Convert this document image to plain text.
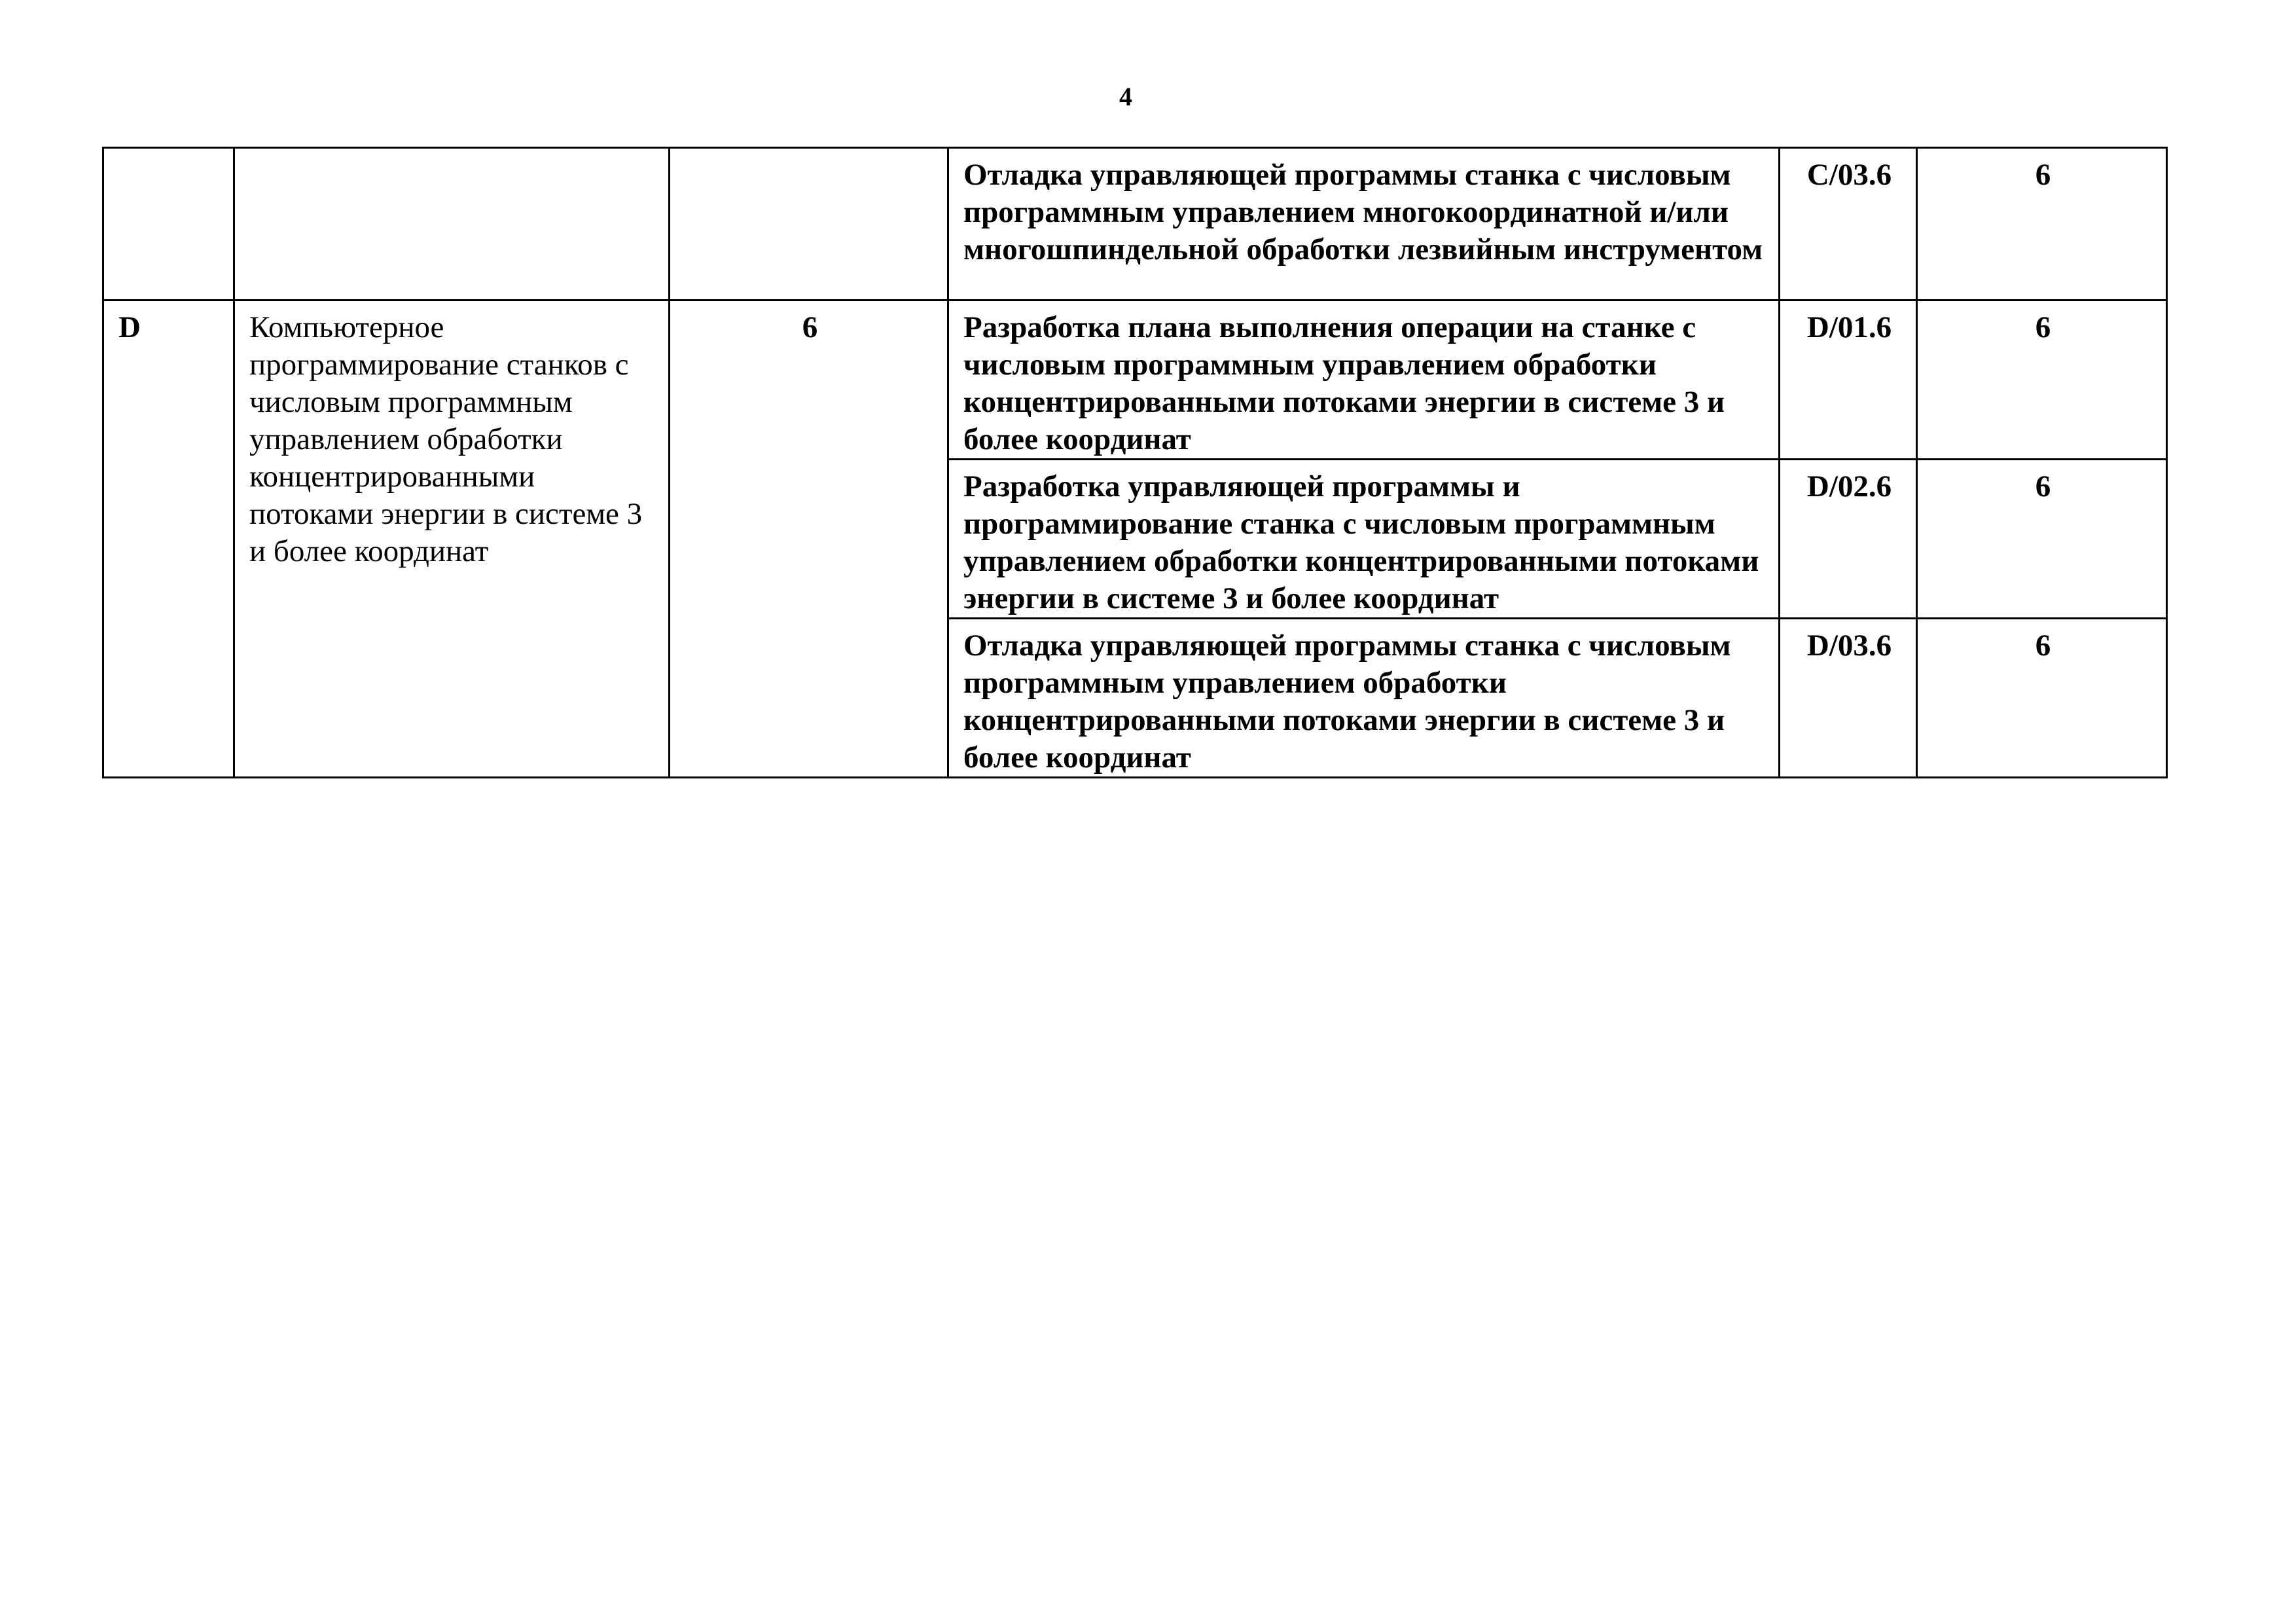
4
			Отладка управляющей программы станка с числовым программным управлением многокоординатной и/или многошпиндельной обработки лезвийным инструментом	C/03.6	6
D	Компьютерное программирование станков с числовым программным управлением обработки концентрированными потоками энергии в системе 3 и более координат	6	Разработка плана выполнения операции на станке с числовым программным управлением обработки концентрированными потоками энергии в системе 3 и более координат	D/01.6	6
			Разработка управляющей программы и программирование станка с числовым программным управлением обработки концентрированными потоками энергии в системе 3 и более координат	D/02.6	6
			Отладка управляющей программы станка с числовым программным управлением обработки концентрированными потоками энергии в системе 3 и более координат	D/03.6	6
